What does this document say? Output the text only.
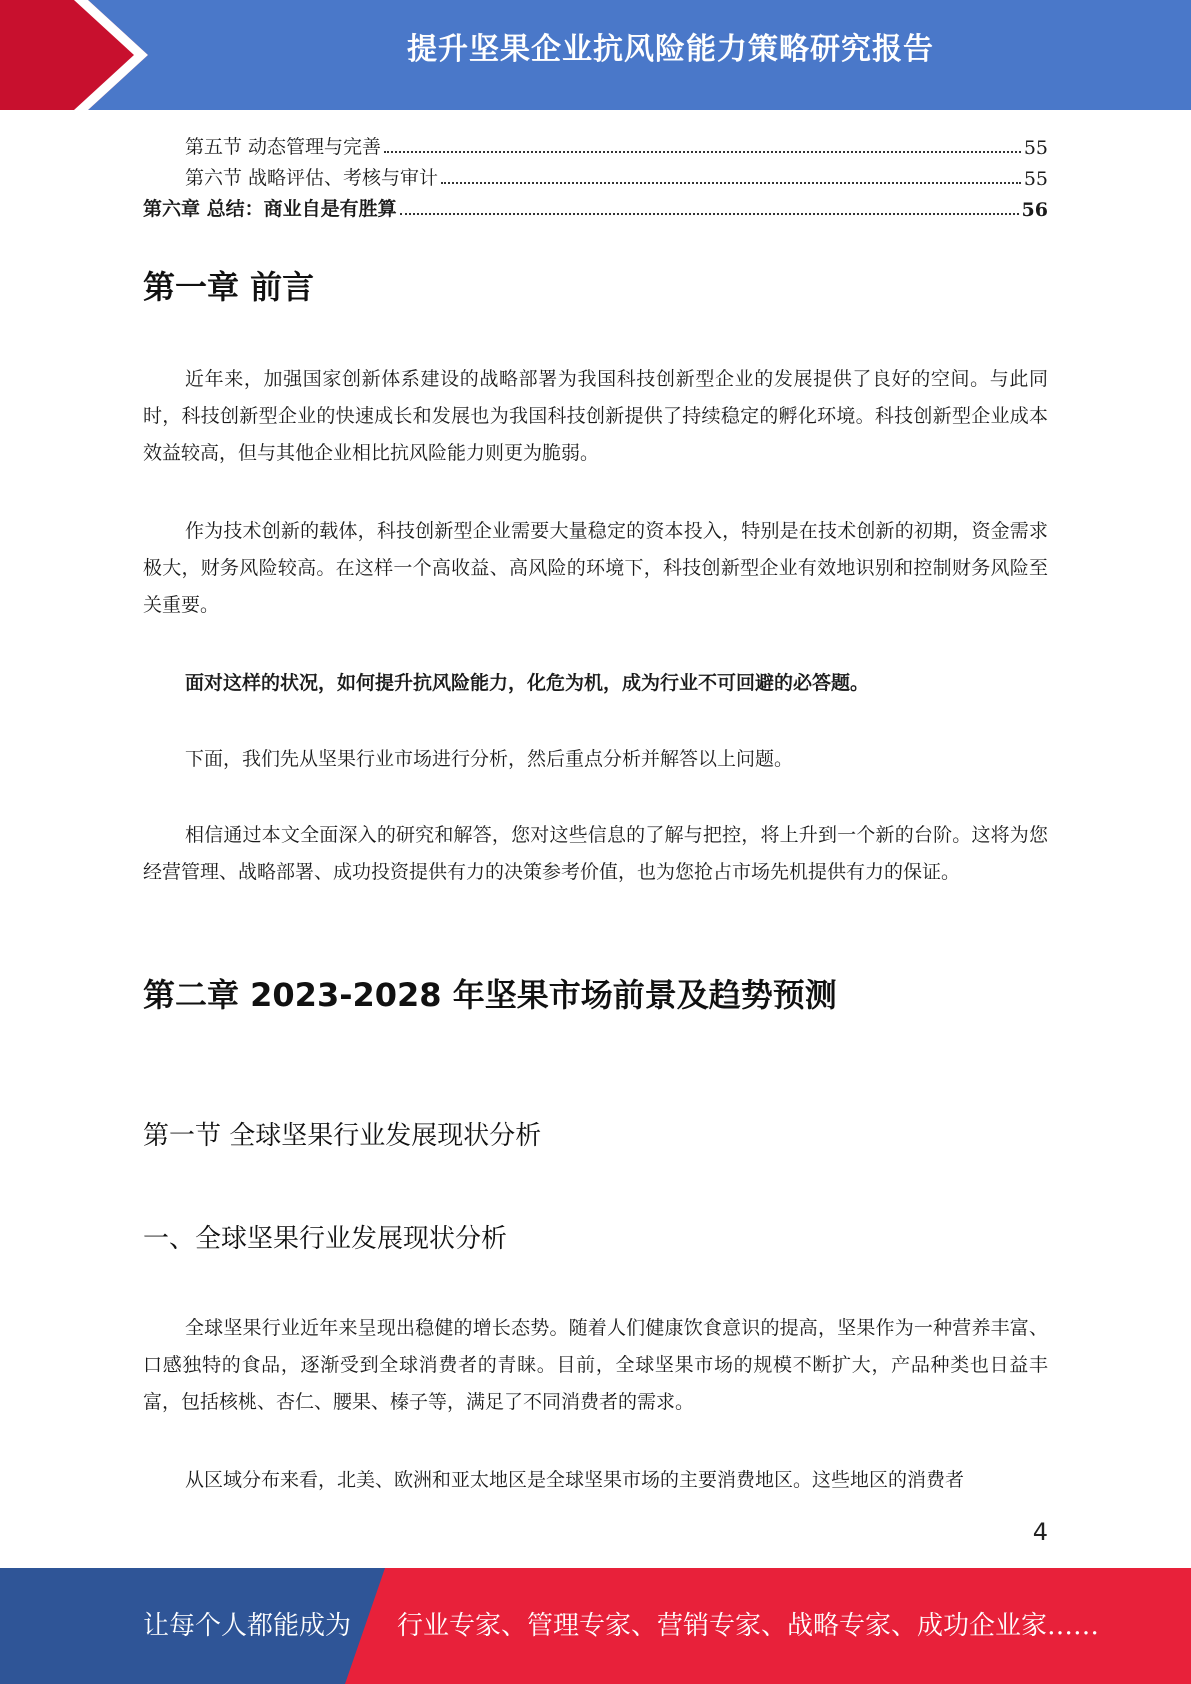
提升坚果企业抗风险能力策略研究报告
第五节 动态管理与完善	55
第六节 战略评估、考核与审计	55
第六章 总结：商业自是有胜算	56
第一章 前言
近年来，加强国家创新体系建设的战略部署为我国科技创新型企业的发展提供了良好的空间。与此同时，科技创新型企业的快速成长和发展也为我国科技创新提供了持续稳定的孵化环境。科技创新型企业成本效益较高，但与其他企业相比抗风险能力则更为脆弱。
作为技术创新的载体，科技创新型企业需要大量稳定的资本投入，特别是在技术创新的初期，资金需求极大，财务风险较高。在这样一个高收益、高风险的环境下，科技创新型企业有效地识别和控制财务风险至关重要。
面对这样的状况，如何提升抗风险能力，化危为机，成为行业不可回避的必答题。
下面，我们先从坚果行业市场进行分析，然后重点分析并解答以上问题。
相信通过本文全面深入的研究和解答，您对这些信息的了解与把控，将上升到一个新的台阶。这将为您经营管理、战略部署、成功投资提供有力的决策参考价值，也为您抢占市场先机提供有力的保证。
第二章 2023-2028 年坚果市场前景及趋势预测
第一节 全球坚果行业发展现状分析
一、全球坚果行业发展现状分析
全球坚果行业近年来呈现出稳健的增长态势。随着人们健康饮食意识的提高，坚果作为一种营养丰富、口感独特的食品，逐渐受到全球消费者的青睐。目前，全球坚果市场的规模不断扩大，产品种类也日益丰富，包括核桃、杏仁、腰果、榛子等，满足了不同消费者的需求。
从区域分布来看，北美、欧洲和亚太地区是全球坚果市场的主要消费地区。这些地区的消费者
4
让每个人都能成为 行业专家、管理专家、营销专家、战略专家、成功企业家……
